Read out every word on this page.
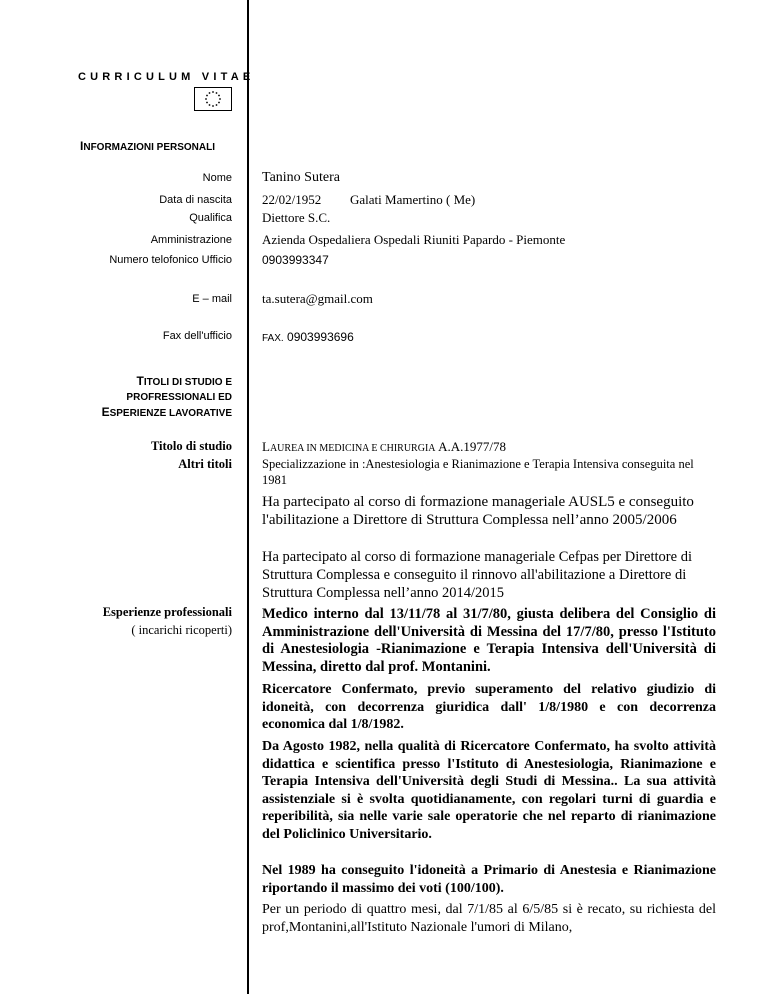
CURRICULUM VITAE
INFORMAZIONI PERSONALI
Nome Tanino Sutera
Data di nascita 22/02/1952 Galati Mamertino ( Me)
Qualifica Diettore S.C.
Amministrazione Azienda Ospedaliera Ospedali Riuniti Papardo - Piemonte
Numero telofonico Ufficio	0903993347
E – mail ta.sutera@gmail.com
Fax dell'ufficio	FAX. 0903993696
TITOLI DI STUDIO E
PROFRESSIONALI ED
ESPERIENZE LAVORATIVE
Titolo di studio
Altri titoli
LAUREA IN MEDICINA E CHIRURGIA A.A.1977/78
Specializzazione in :Anestesiologia e Rianimazione e Terapia Intensiva conseguita nel 1981
Ha partecipato al corso di formazione manageriale AUSL5 e conseguito l'abilitazione a Direttore di Struttura Complessa nell’anno 2005/2006
Ha partecipato al corso di formazione manageriale Cefpas per Direttore di Struttura Complessa e conseguito il rinnovo all'abilitazione a Direttore di Struttura Complessa nell’anno 2014/2015
Esperienze professionali
( incarichi ricoperti)
Medico interno dal 13/11/78 al 31/7/80, giusta delibera del Consiglio di Amministrazione dell'Università di Messina del 17/7/80, presso l'Istituto di Anestesiologia -Rianimazione e Terapia Intensiva dell'Università di Messina, diretto dal prof. Montanini.
Ricercatore Confermato, previo superamento del relativo giudizio di idoneità, con decorrenza giuridica dall' 1/8/1980 e con decorrenza economica dal 1/8/1982.
Da Agosto 1982, nella qualità di Ricercatore Confermato, ha svolto attività didattica e scientifica presso l'Istituto di Anestesiologia, Rianimazione e Terapia Intensiva dell'Università degli Studi di Messina.. La sua attività assistenziale si è svolta quotidianamente, con regolari turni di guardia e reperibilità, sia nelle varie sale operatorie che nel reparto di rianimazione del Policlinico Universitario.
Nel 1989 ha conseguito l'idoneità a Primario di Anestesia e Rianimazione riportando il massimo dei voti (100/100).
Per un periodo di quattro mesi, dal 7/1/85 al 6/5/85 si è recato, su richiesta del prof,Montanini,all'Istituto Nazionale l'umori di Milano,
